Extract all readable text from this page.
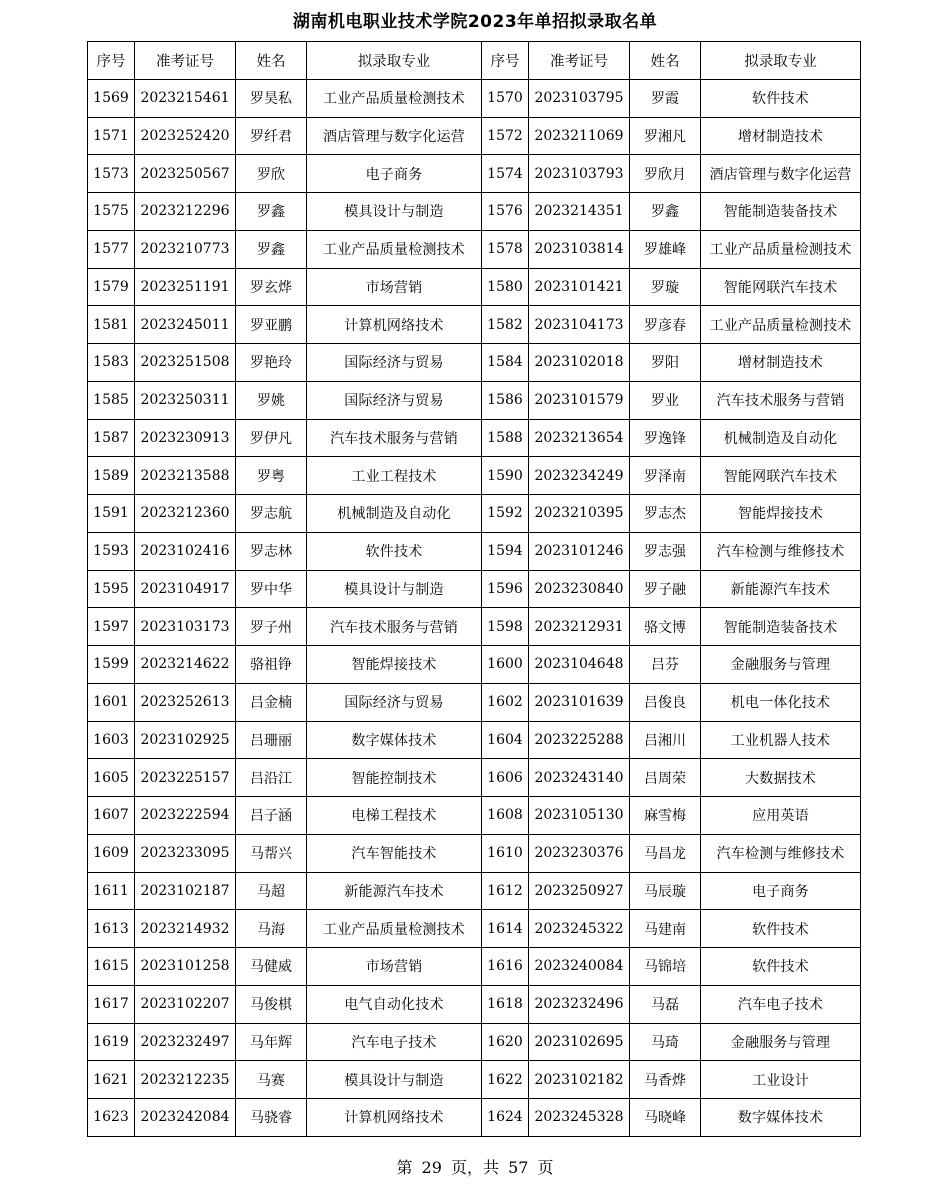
湖南机电职业技术学院2023年单招拟录取名单
序号	准考证号	姓名	拟录取专业	序号	准考证号	姓名	拟录取专业
1569	2023215461	罗昊私	工业产品质量检测技术	1570	2023103795	罗霞	软件技术
1571	2023252420	罗纤君	酒店管理与数字化运营	1572	2023211069	罗湘凡	增材制造技术
1573	2023250567	罗欣	电子商务	1574	2023103793	罗欣月	酒店管理与数字化运营
1575	2023212296	罗鑫	模具设计与制造	1576	2023214351	罗鑫	智能制造装备技术
1577	2023210773	罗鑫	工业产品质量检测技术	1578	2023103814	罗雄峰	工业产品质量检测技术
1579	2023251191	罗玄烨	市场营销	1580	2023101421	罗璇	智能网联汽车技术
1581	2023245011	罗亚鹏	计算机网络技术	1582	2023104173	罗彦春	工业产品质量检测技术
1583	2023251508	罗艳玲	国际经济与贸易	1584	2023102018	罗阳	增材制造技术
1585	2023250311	罗姚	国际经济与贸易	1586	2023101579	罗业	汽车技术服务与营销
1587	2023230913	罗伊凡	汽车技术服务与营销	1588	2023213654	罗逸锋	机械制造及自动化
1589	2023213588	罗粤	工业工程技术	1590	2023234249	罗泽南	智能网联汽车技术
1591	2023212360	罗志航	机械制造及自动化	1592	2023210395	罗志杰	智能焊接技术
1593	2023102416	罗志林	软件技术	1594	2023101246	罗志强	汽车检测与维修技术
1595	2023104917	罗中华	模具设计与制造	1596	2023230840	罗子融	新能源汽车技术
1597	2023103173	罗子州	汽车技术服务与营销	1598	2023212931	骆文博	智能制造装备技术
1599	2023214622	骆祖铮	智能焊接技术	1600	2023104648	吕芬	金融服务与管理
1601	2023252613	吕金楠	国际经济与贸易	1602	2023101639	吕俊良	机电一体化技术
1603	2023102925	吕珊丽	数字媒体技术	1604	2023225288	吕湘川	工业机器人技术
1605	2023225157	吕沿江	智能控制技术	1606	2023243140	吕周荣	大数据技术
1607	2023222594	吕子涵	电梯工程技术	1608	2023105130	麻雪梅	应用英语
1609	2023233095	马帮兴	汽车智能技术	1610	2023230376	马昌龙	汽车检测与维修技术
1611	2023102187	马超	新能源汽车技术	1612	2023250927	马辰璇	电子商务
1613	2023214932	马海	工业产品质量检测技术	1614	2023245322	马建南	软件技术
1615	2023101258	马健威	市场营销	1616	2023240084	马锦培	软件技术
1617	2023102207	马俊棋	电气自动化技术	1618	2023232496	马磊	汽车电子技术
1619	2023232497	马年辉	汽车电子技术	1620	2023102695	马琦	金融服务与管理
1621	2023212235	马赛	模具设计与制造	1622	2023102182	马香烨	工业设计
1623	2023242084	马骁睿	计算机网络技术	1624	2023245328	马晓峰	数字媒体技术
第 29 页，共 57 页
